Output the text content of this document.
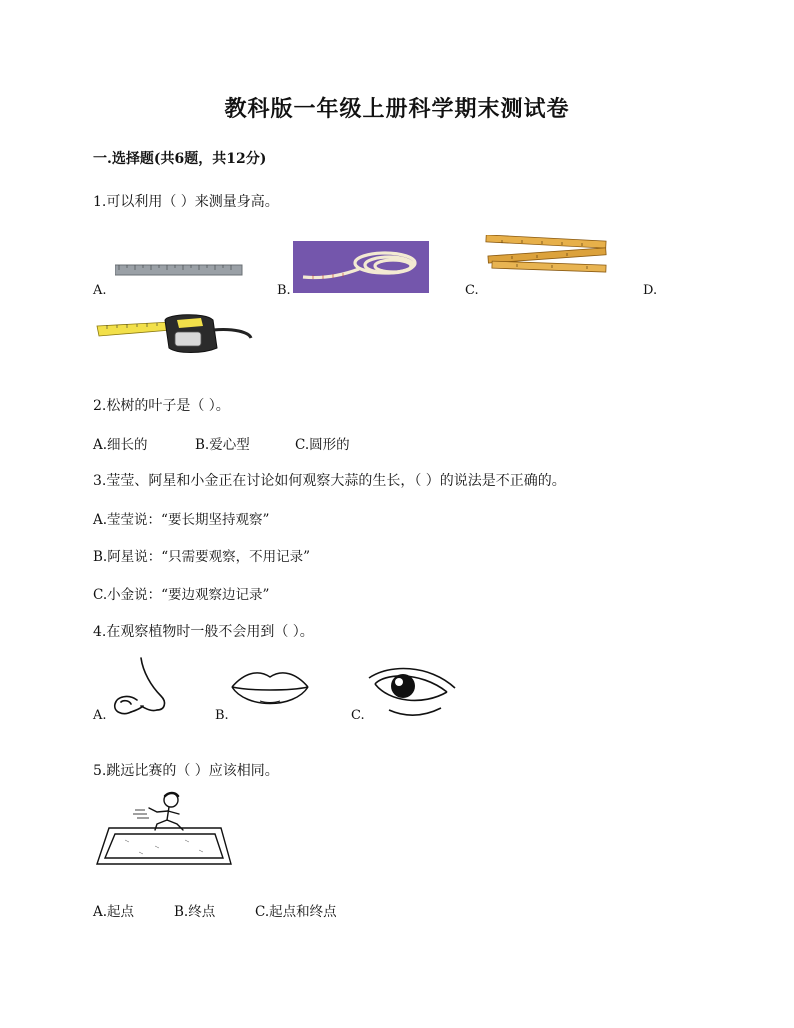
教科版一年级上册科学期末测试卷
一.选择题(共6题，共12分)
1.可以利用（ ）来测量身高。
A.	B.	C.	D.
2.松树的叶子是（ ）。
A.细长的	B.爱心型	C.圆形的
3.莹莹、阿星和小金正在讨论如何观察大蒜的生长，（ ）的说法是不正确的。
A.莹莹说：“要长期坚持观察”
B.阿星说：“只需要观察，不用记录”
C.小金说：“要边观察边记录”
4.在观察植物时一般不会用到（ ）。
A.	B.	C.
5.跳远比赛的（ ）应该相同。
A.起点	B.终点	C.起点和终点
